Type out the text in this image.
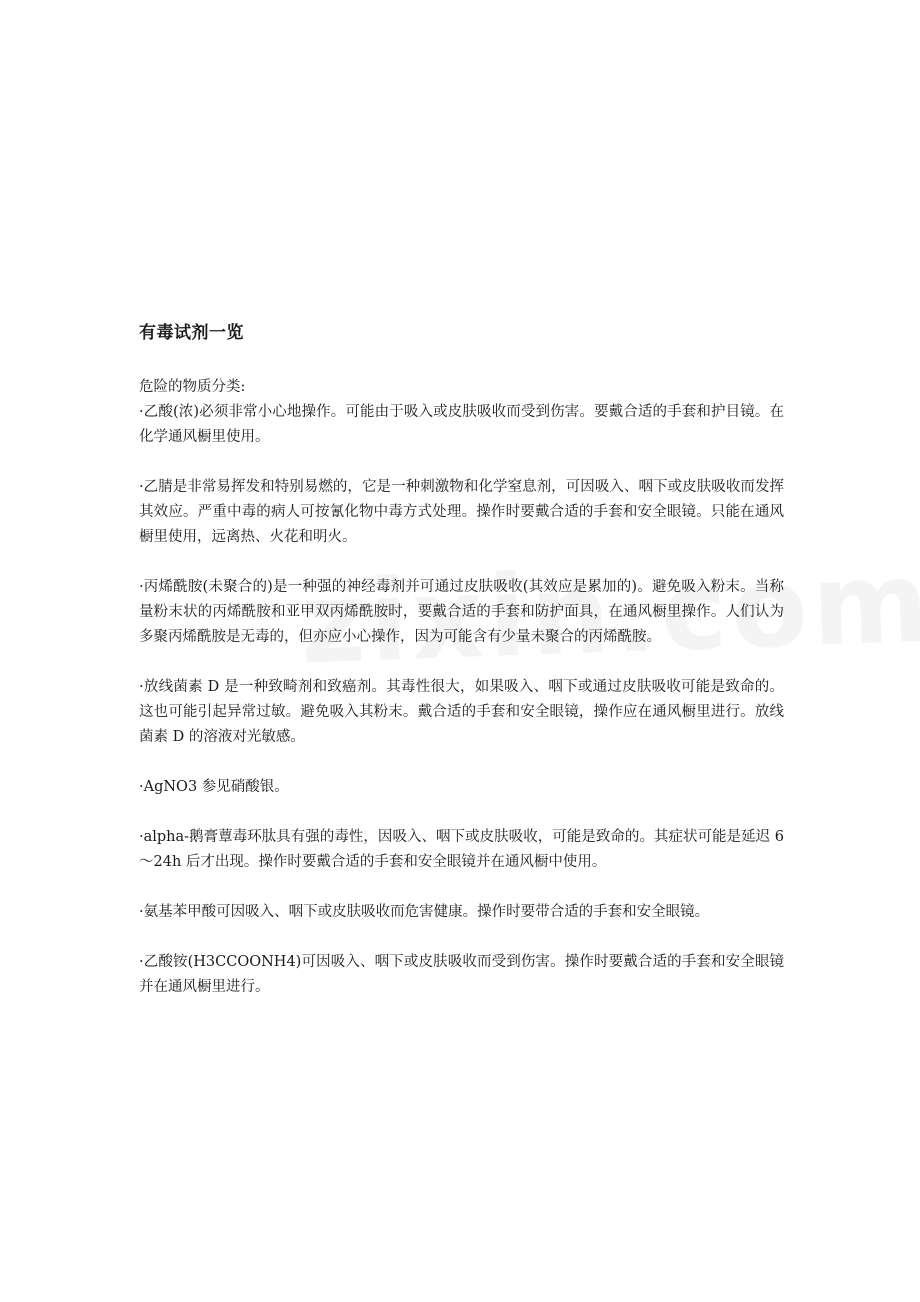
有毒试剂一览

危险的物质分类:

·乙酸(浓)必须非常小心地操作。可能由于吸入或皮肤吸收而受到伤害。要戴合适的手套和护目镜。在化学通风橱里使用。

·乙腈是非常易挥发和特别易燃的，它是一种刺激物和化学窒息剂，可因吸入、咽下或皮肤吸收而发挥其效应。严重中毒的病人可按氰化物中毒方式处理。操作时要戴合适的手套和安全眼镜。只能在通风橱里使用，远离热、火花和明火。

·丙烯酰胺(未聚合的)是一种强的神经毒剂并可通过皮肤吸收(其效应是累加的)。避免吸入粉末。当称量粉末状的丙烯酰胺和亚甲双丙烯酰胺时，要戴合适的手套和防护面具，在通风橱里操作。人们认为多聚丙烯酰胺是无毒的，但亦应小心操作，因为可能含有少量未聚合的丙烯酰胺。

·放线菌素 D 是一种致畸剂和致癌剂。其毒性很大，如果吸入、咽下或通过皮肤吸收可能是致命的。这也可能引起异常过敏。避免吸入其粉末。戴合适的手套和安全眼镜，操作应在通风橱里进行。放线菌素 D 的溶液对光敏感。

·AgNO3 参见硝酸银。

·alpha-鹅膏蕈毒环肽具有强的毒性，因吸入、咽下或皮肤吸收，可能是致命的。其症状可能是延迟 6～24h 后才出现。操作时要戴合适的手套和安全眼镜并在通风橱中使用。

·氨基苯甲酸可因吸入、咽下或皮肤吸收而危害健康。操作时要带合适的手套和安全眼镜。

·乙酸铵(H3CCOONH4)可因吸入、咽下或皮肤吸收而受到伤害。操作时要戴合适的手套和安全眼镜并在通风橱里进行。
